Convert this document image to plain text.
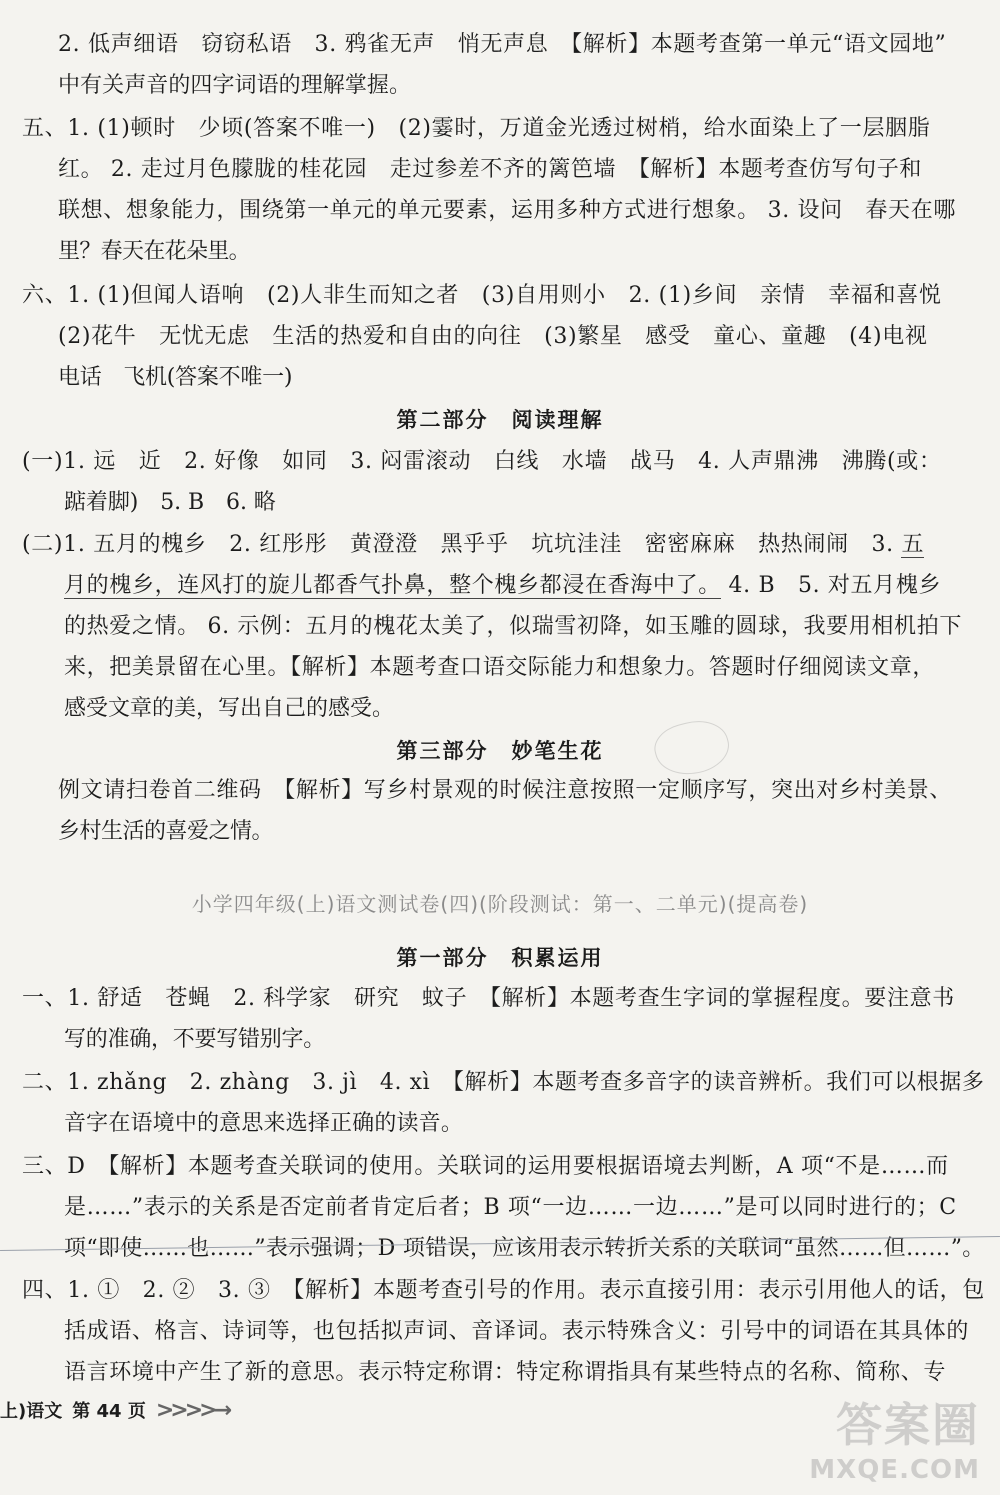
2. 低声细语　窃窃私语　3. 鸦雀无声　悄无声息　【解析】本题考查第一单元“语文园地”
中有关声音的四字词语的理解掌握。
五、1. (1)顿时　少顷(答案不唯一)　(2)霎时，万道金光透过树梢，给水面染上了一层胭脂
红。 2. 走过月色朦胧的桂花园　走过参差不齐的篱笆墙　【解析】本题考查仿写句子和
联想、想象能力，围绕第一单元的单元要素，运用多种方式进行想象。 3. 设问　春天在哪
里？春天在花朵里。
六、1. (1)但闻人语响　(2)人非生而知之者　(3)自用则小　2. (1)乡间　亲情　幸福和喜悦
(2)花牛　无忧无虑　生活的热爱和自由的向往　(3)繁星　感受　童心、童趣　(4)电视
电话　飞机(答案不唯一)
第二部分　阅读理解
(一)1. 远　近　2. 好像　如同　3. 闷雷滚动　白线　水墙　战马　4. 人声鼎沸　沸腾(或：
踮着脚)　5. B　6. 略
(二)1. 五月的槐乡　2. 红彤彤　黄澄澄　黑乎乎　坑坑洼洼　密密麻麻　热热闹闹　3. 五
月的槐乡，连风打的旋儿都香气扑鼻，整个槐乡都浸在香海中了。 4. B　5. 对五月槐乡
的热爱之情。 6. 示例：五月的槐花太美了，似瑞雪初降，如玉雕的圆球，我要用相机拍下
来，把美景留在心里。【解析】本题考查口语交际能力和想象力。答题时仔细阅读文章，
感受文章的美，写出自己的感受。
第三部分　妙笔生花
例文请扫卷首二维码　【解析】写乡村景观的时候注意按照一定顺序写，突出对乡村美景、
乡村生活的喜爱之情。
小学四年级(上)语文测试卷(四)(阶段测试：第一、二单元)(提高卷)
第一部分　积累运用
一、1. 舒适　苍蝇　2. 科学家　研究　蚊子　【解析】本题考查生字词的掌握程度。要注意书
写的准确，不要写错别字。
二、1. zhǎng　2. zhàng　3. jì　4. xì　【解析】本题考查多音字的读音辨析。我们可以根据多
音字在语境中的意思来选择正确的读音。
三、D　【解析】本题考查关联词的使用。关联词的运用要根据语境去判断，A 项“不是……而
是……”表示的关系是否定前者肯定后者；B 项“一边……一边……”是可以同时进行的；C
项“即使……也……”表示强调；D 项错误，应该用表示转折关系的关联词“虽然……但……”。
四、1. ①　2. ②　3. ③　【解析】本题考查引号的作用。表示直接引用：表示引用他人的话，包
括成语、格言、诗词等，也包括拟声词、音译词。表示特殊含义：引号中的词语在其具体的
语言环境中产生了新的意思。表示特定称谓：特定称谓指具有某些特点的名称、简称、专
上)语文 第 44 页 >>>>→	答案圈
MXQE.COM
